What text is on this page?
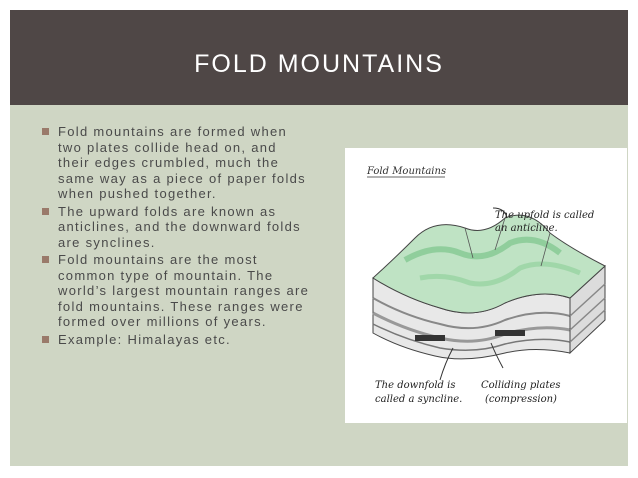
FOLD MOUNTAINS
Fold mountains are formed when two plates collide head on, and their edges crumbled, much the same way as a piece of paper folds when pushed together.
The upward folds are known as anticlines, and the downward folds are synclines.
Fold mountains are the most common type of mountain. The world’s largest mountain ranges are fold mountains. These ranges were formed over millions of years.
Example: Himalayas etc.
Fold Mountains
The upfold is called
an anticline.
The downfold is
called a syncline.
Colliding plates
(compression)
